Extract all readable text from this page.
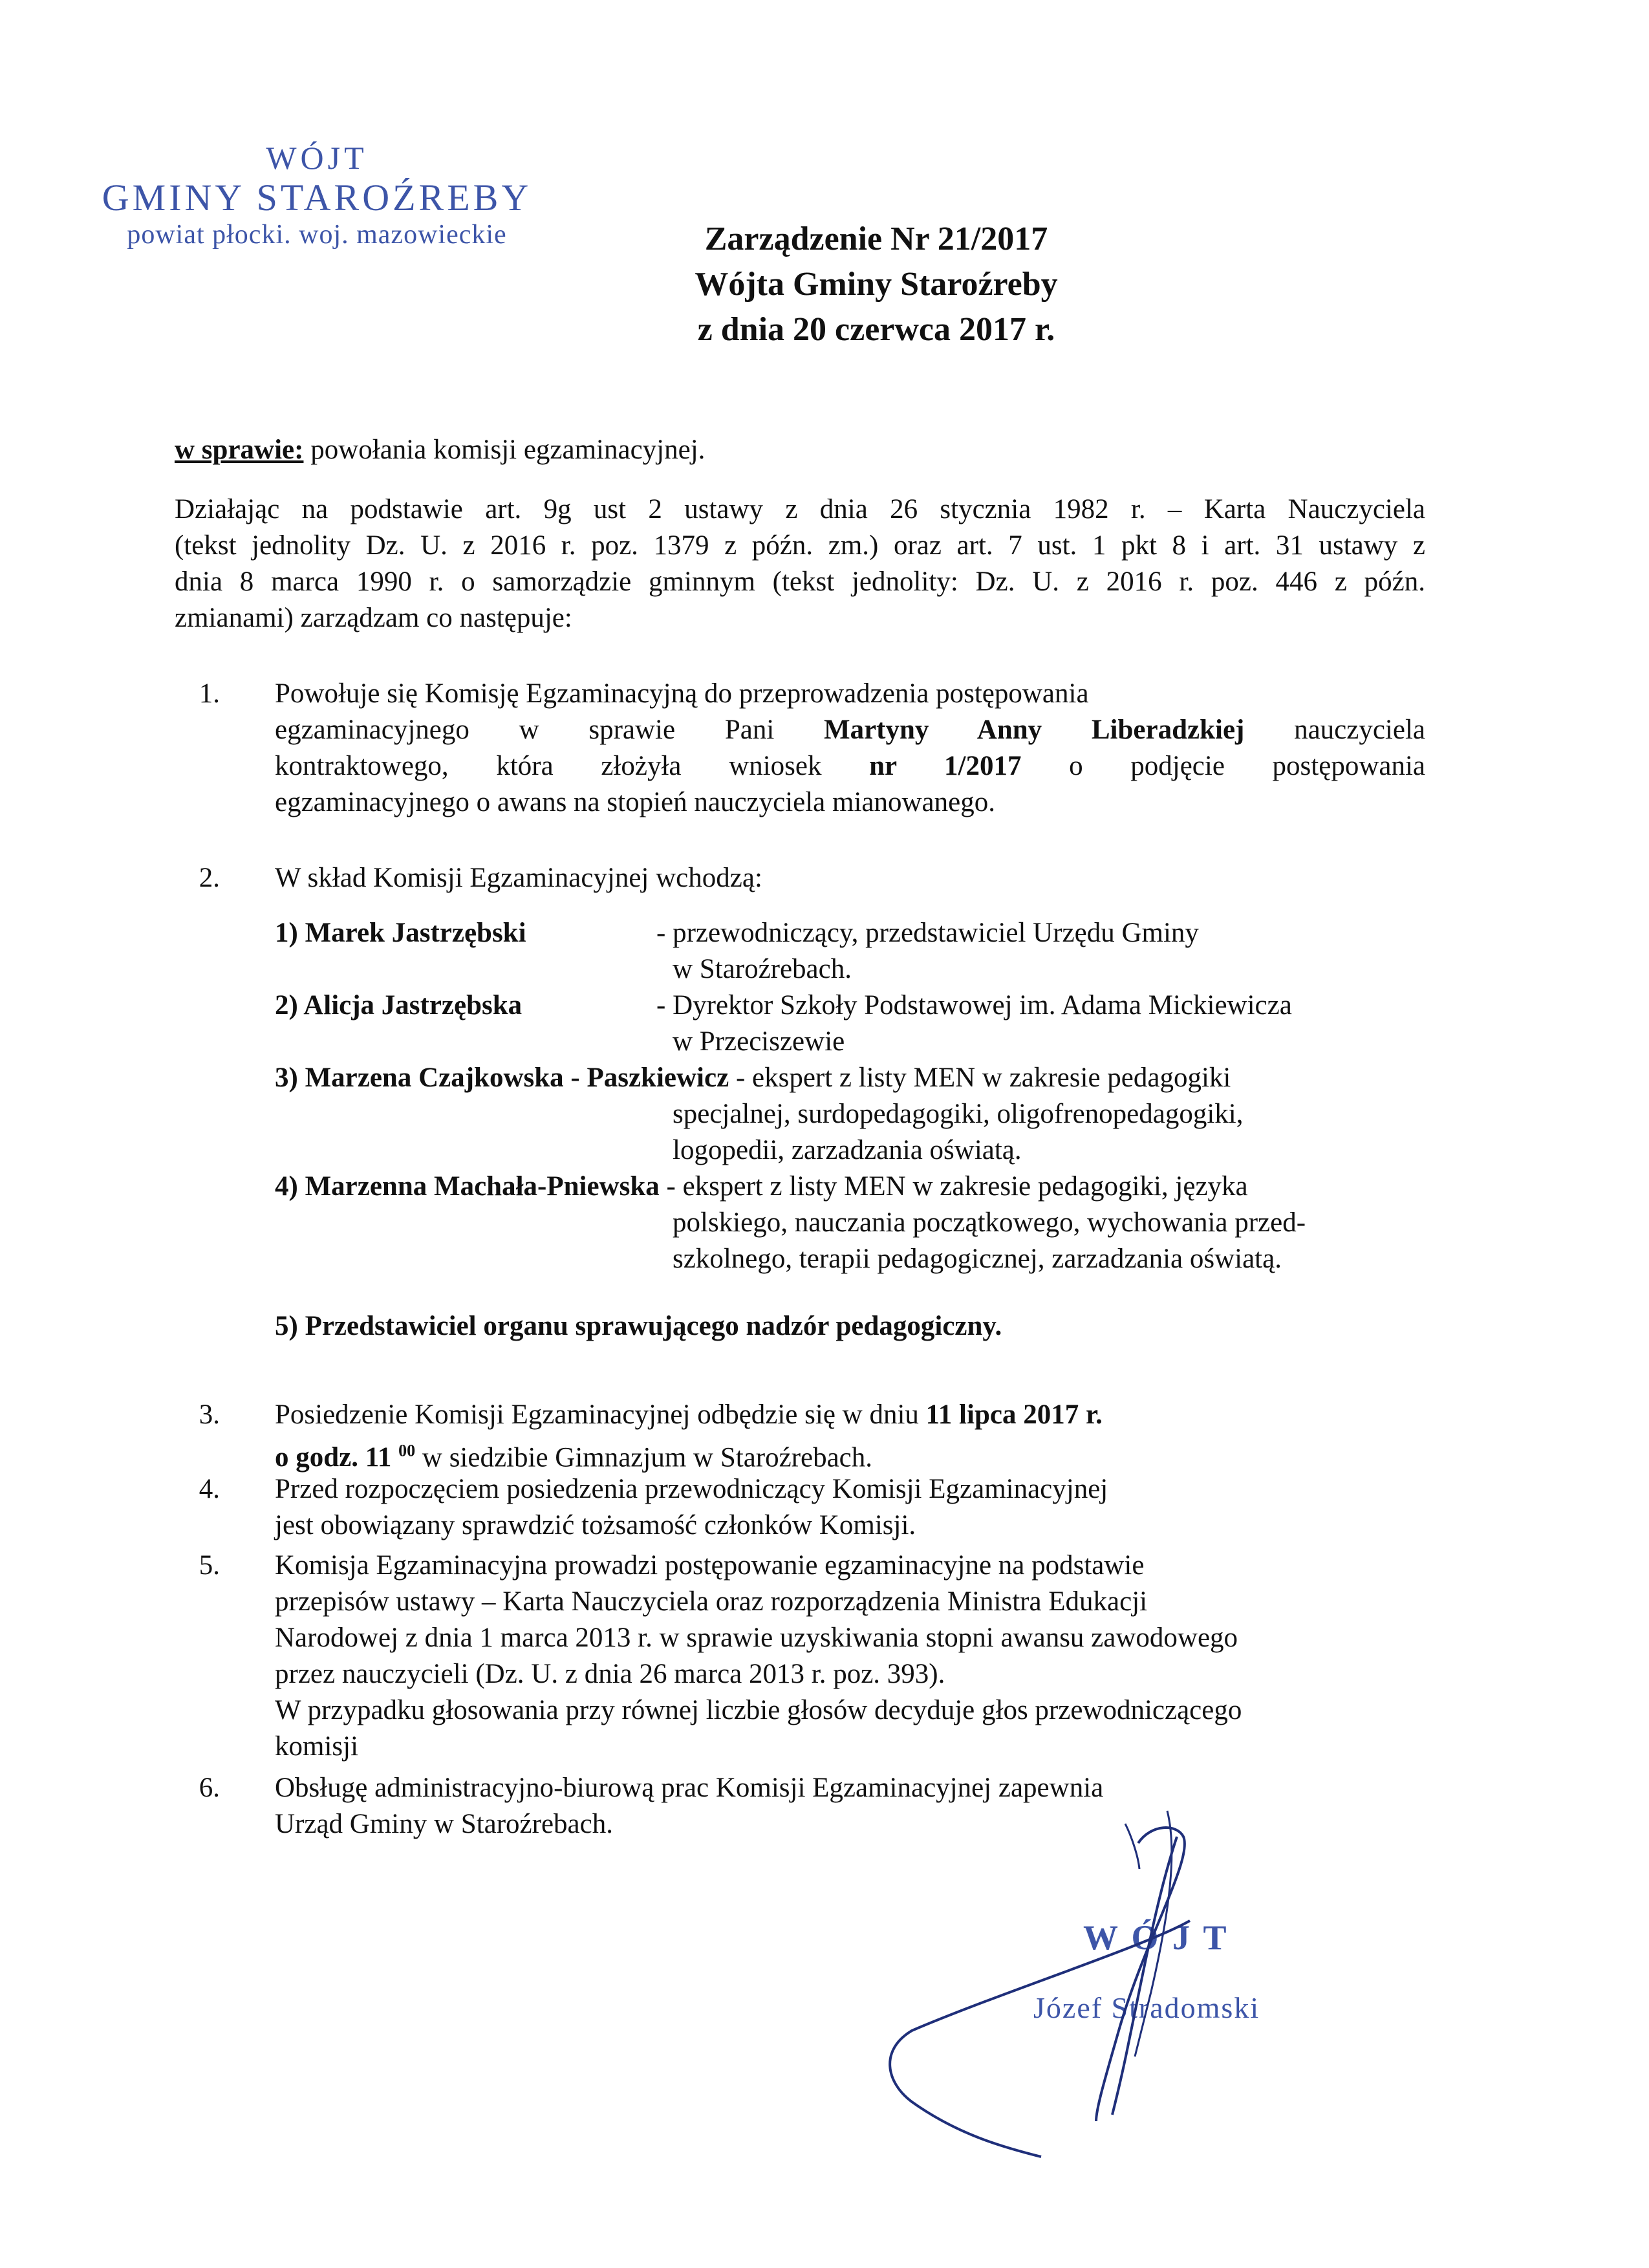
WÓJT
GMINY STAROŹREBY
powiat płocki. woj. mazowieckie	Zarządzenie Nr 21/2017
Wójta Gminy Staroźreby
z dnia 20 czerwca 2017 r.
w sprawie: powołania komisji egzaminacyjnej.
Działając na podstawie art. 9g ust 2 ustawy z dnia 26 stycznia 1982 r. – Karta Nauczyciela
(tekst jednolity Dz. U. z 2016 r. poz. 1379 z późn. zm.) oraz art. 7 ust. 1 pkt 8 i art. 31 ustawy z
dnia 8 marca 1990 r. o samorządzie gminnym (tekst jednolity: Dz. U. z 2016 r. poz. 446 z późn.
zmianami) zarządzam co następuje:
1. Powołuje się Komisję Egzaminacyjną do przeprowadzenia postępowania
egzaminacyjnego w sprawie Pani Martyny Anny Liberadzkiej nauczyciela
kontraktowego, która złożyła wniosek nr 1/2017 o podjęcie postępowania
egzaminacyjnego o awans na stopień nauczyciela mianowanego.
2.	W skład Komisji Egzaminacyjnej wchodzą:
1) Marek Jastrzębski	- przewodniczący, przedstawiciel Urzędu Gminy
w Staroźrebach.
2) Alicja Jastrzębska	- Dyrektor Szkoły Podstawowej im. Adama Mickiewicza
w Przeciszewie
3) Marzena Czajkowska - Paszkiewicz - ekspert z listy MEN w zakresie pedagogiki
specjalnej, surdopedagogiki, oligofrenopedagogiki,
logopedii, zarzadzania oświatą.
4) Marzenna Machała-Pniewska - ekspert z listy MEN w zakresie pedagogiki, języka
polskiego, nauczania początkowego, wychowania przed-
szkolnego, terapii pedagogicznej, zarzadzania oświatą.
5) Przedstawiciel organu sprawującego nadzór pedagogiczny.
3. Posiedzenie Komisji Egzaminacyjnej odbędzie się w dniu 11 lipca 2017 r.
o godz. 11 $^{00}$ w siedzibie Gimnazjum w Staroźrebach.
4. Przed rozpoczęciem posiedzenia przewodniczący Komisji Egzaminacyjnej
jest obowiązany sprawdzić tożsamość członków Komisji.
5. Komisja Egzaminacyjna prowadzi postępowanie egzaminacyjne na podstawie
przepisów ustawy – Karta Nauczyciela oraz rozporządzenia Ministra Edukacji
Narodowej z dnia 1 marca 2013 r. w sprawie uzyskiwania stopni awansu zawodowego
przez nauczycieli (Dz. U. z dnia 26 marca 2013 r. poz. 393).
W przypadku głosowania przy równej liczbie głosów decyduje głos przewodniczącego
komisji
6. Obsługę administracyjno-biurową prac Komisji Egzaminacyjnej zapewnia
Urząd Gminy w Staroźrebach.
W Ó J T
Józef Stradomski
